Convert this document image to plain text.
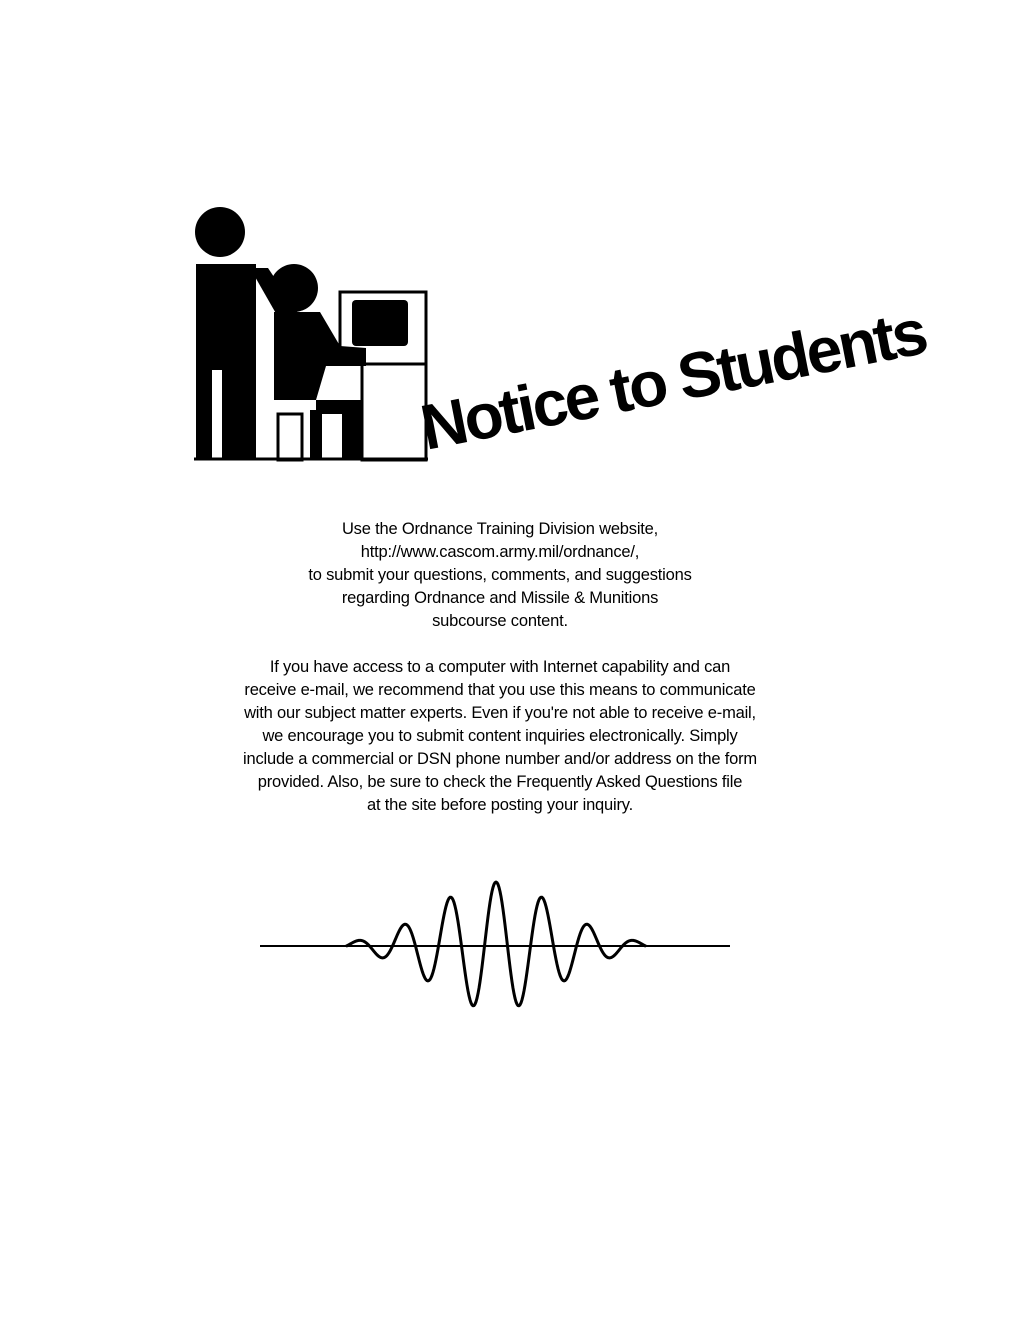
Notice to Students
Use the Ordnance Training Division website,
http://www.cascom.army.mil/ordnance/,
to submit your questions, comments, and suggestions
regarding Ordnance and Missile & Munitions
subcourse content.
If you have access to a computer with Internet capability and can
receive e-mail, we recommend that you use this means to communicate
with our subject matter experts. Even if you're not able to receive e-mail,
we encourage you to submit content inquiries electronically. Simply
include a commercial or DSN phone number and/or address on the form
provided. Also, be sure to check the Frequently Asked Questions file
at the site before posting your inquiry.
